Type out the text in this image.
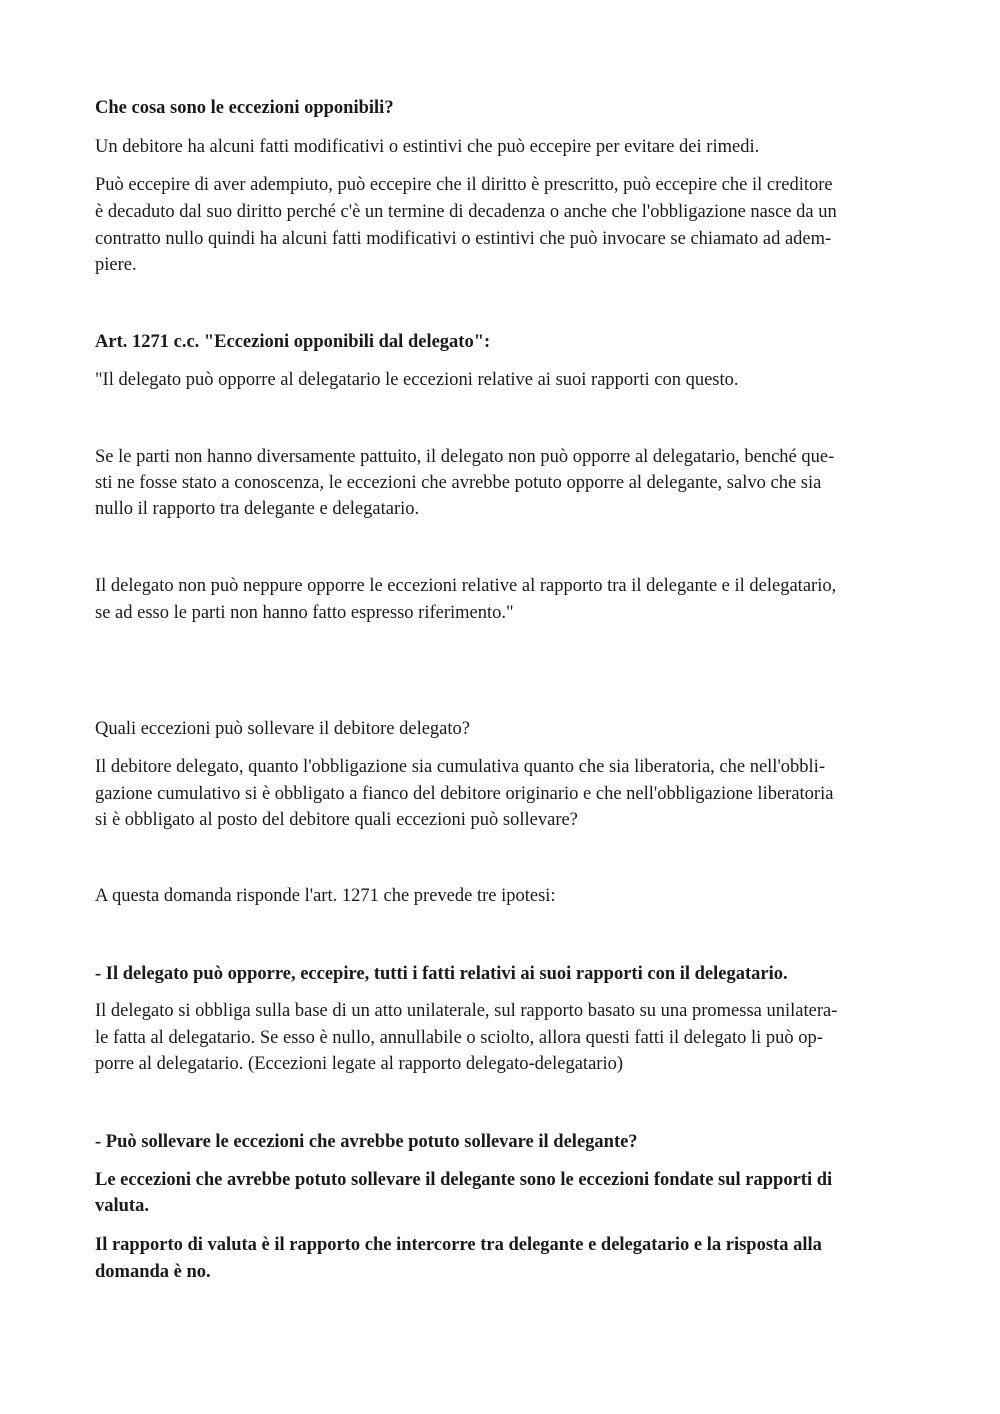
Che cosa sono le eccezioni opponibili?

Un debitore ha alcuni fatti modificativi o estintivi che può eccepire per evitare dei rimedi.

Può eccepire di aver adempiuto, può eccepire che il diritto è prescritto, può eccepire che il creditore

è decaduto dal suo diritto perché c'è un termine di decadenza o anche che l'obbligazione nasce da un

contratto nullo quindi ha alcuni fatti modificativi o estintivi che può invocare se chiamato ad adem-

piere.

Art. 1271 c.c. "Eccezioni opponibili dal delegato":

"Il delegato può opporre al delegatario le eccezioni relative ai suoi rapporti con questo.

Se le parti non hanno diversamente pattuito, il delegato non può opporre al delegatario, benché que-

sti ne fosse stato a conoscenza, le eccezioni che avrebbe potuto opporre al delegante, salvo che sia

nullo il rapporto tra delegante e delegatario.

Il delegato non può neppure opporre le eccezioni relative al rapporto tra il delegante e il delegatario,

se ad esso le parti non hanno fatto espresso riferimento."

Quali eccezioni può sollevare il debitore delegato?

Il debitore delegato, quanto l'obbligazione sia cumulativa quanto che sia liberatoria, che nell'obbli-

gazione cumulativo si è obbligato a fianco del debitore originario e che nell'obbligazione liberatoria

si è obbligato al posto del debitore quali eccezioni può sollevare?

A questa domanda risponde l'art. 1271 che prevede tre ipotesi:

- Il delegato può opporre, eccepire, tutti i fatti relativi ai suoi rapporti con il delegatario.

Il delegato si obbliga sulla base di un atto unilaterale, sul rapporto basato su una promessa unilatera-

le fatta al delegatario. Se esso è nullo, annullabile o sciolto, allora questi fatti il delegato li può op-

porre al delegatario. (Eccezioni legate al rapporto delegato-delegatario)

- Può sollevare le eccezioni che avrebbe potuto sollevare il delegante?

Le eccezioni che avrebbe potuto sollevare il delegante sono le eccezioni fondate sul rapporti di

valuta.

Il rapporto di valuta è il rapporto che intercorre tra delegante e delegatario e la risposta alla

domanda è no.
